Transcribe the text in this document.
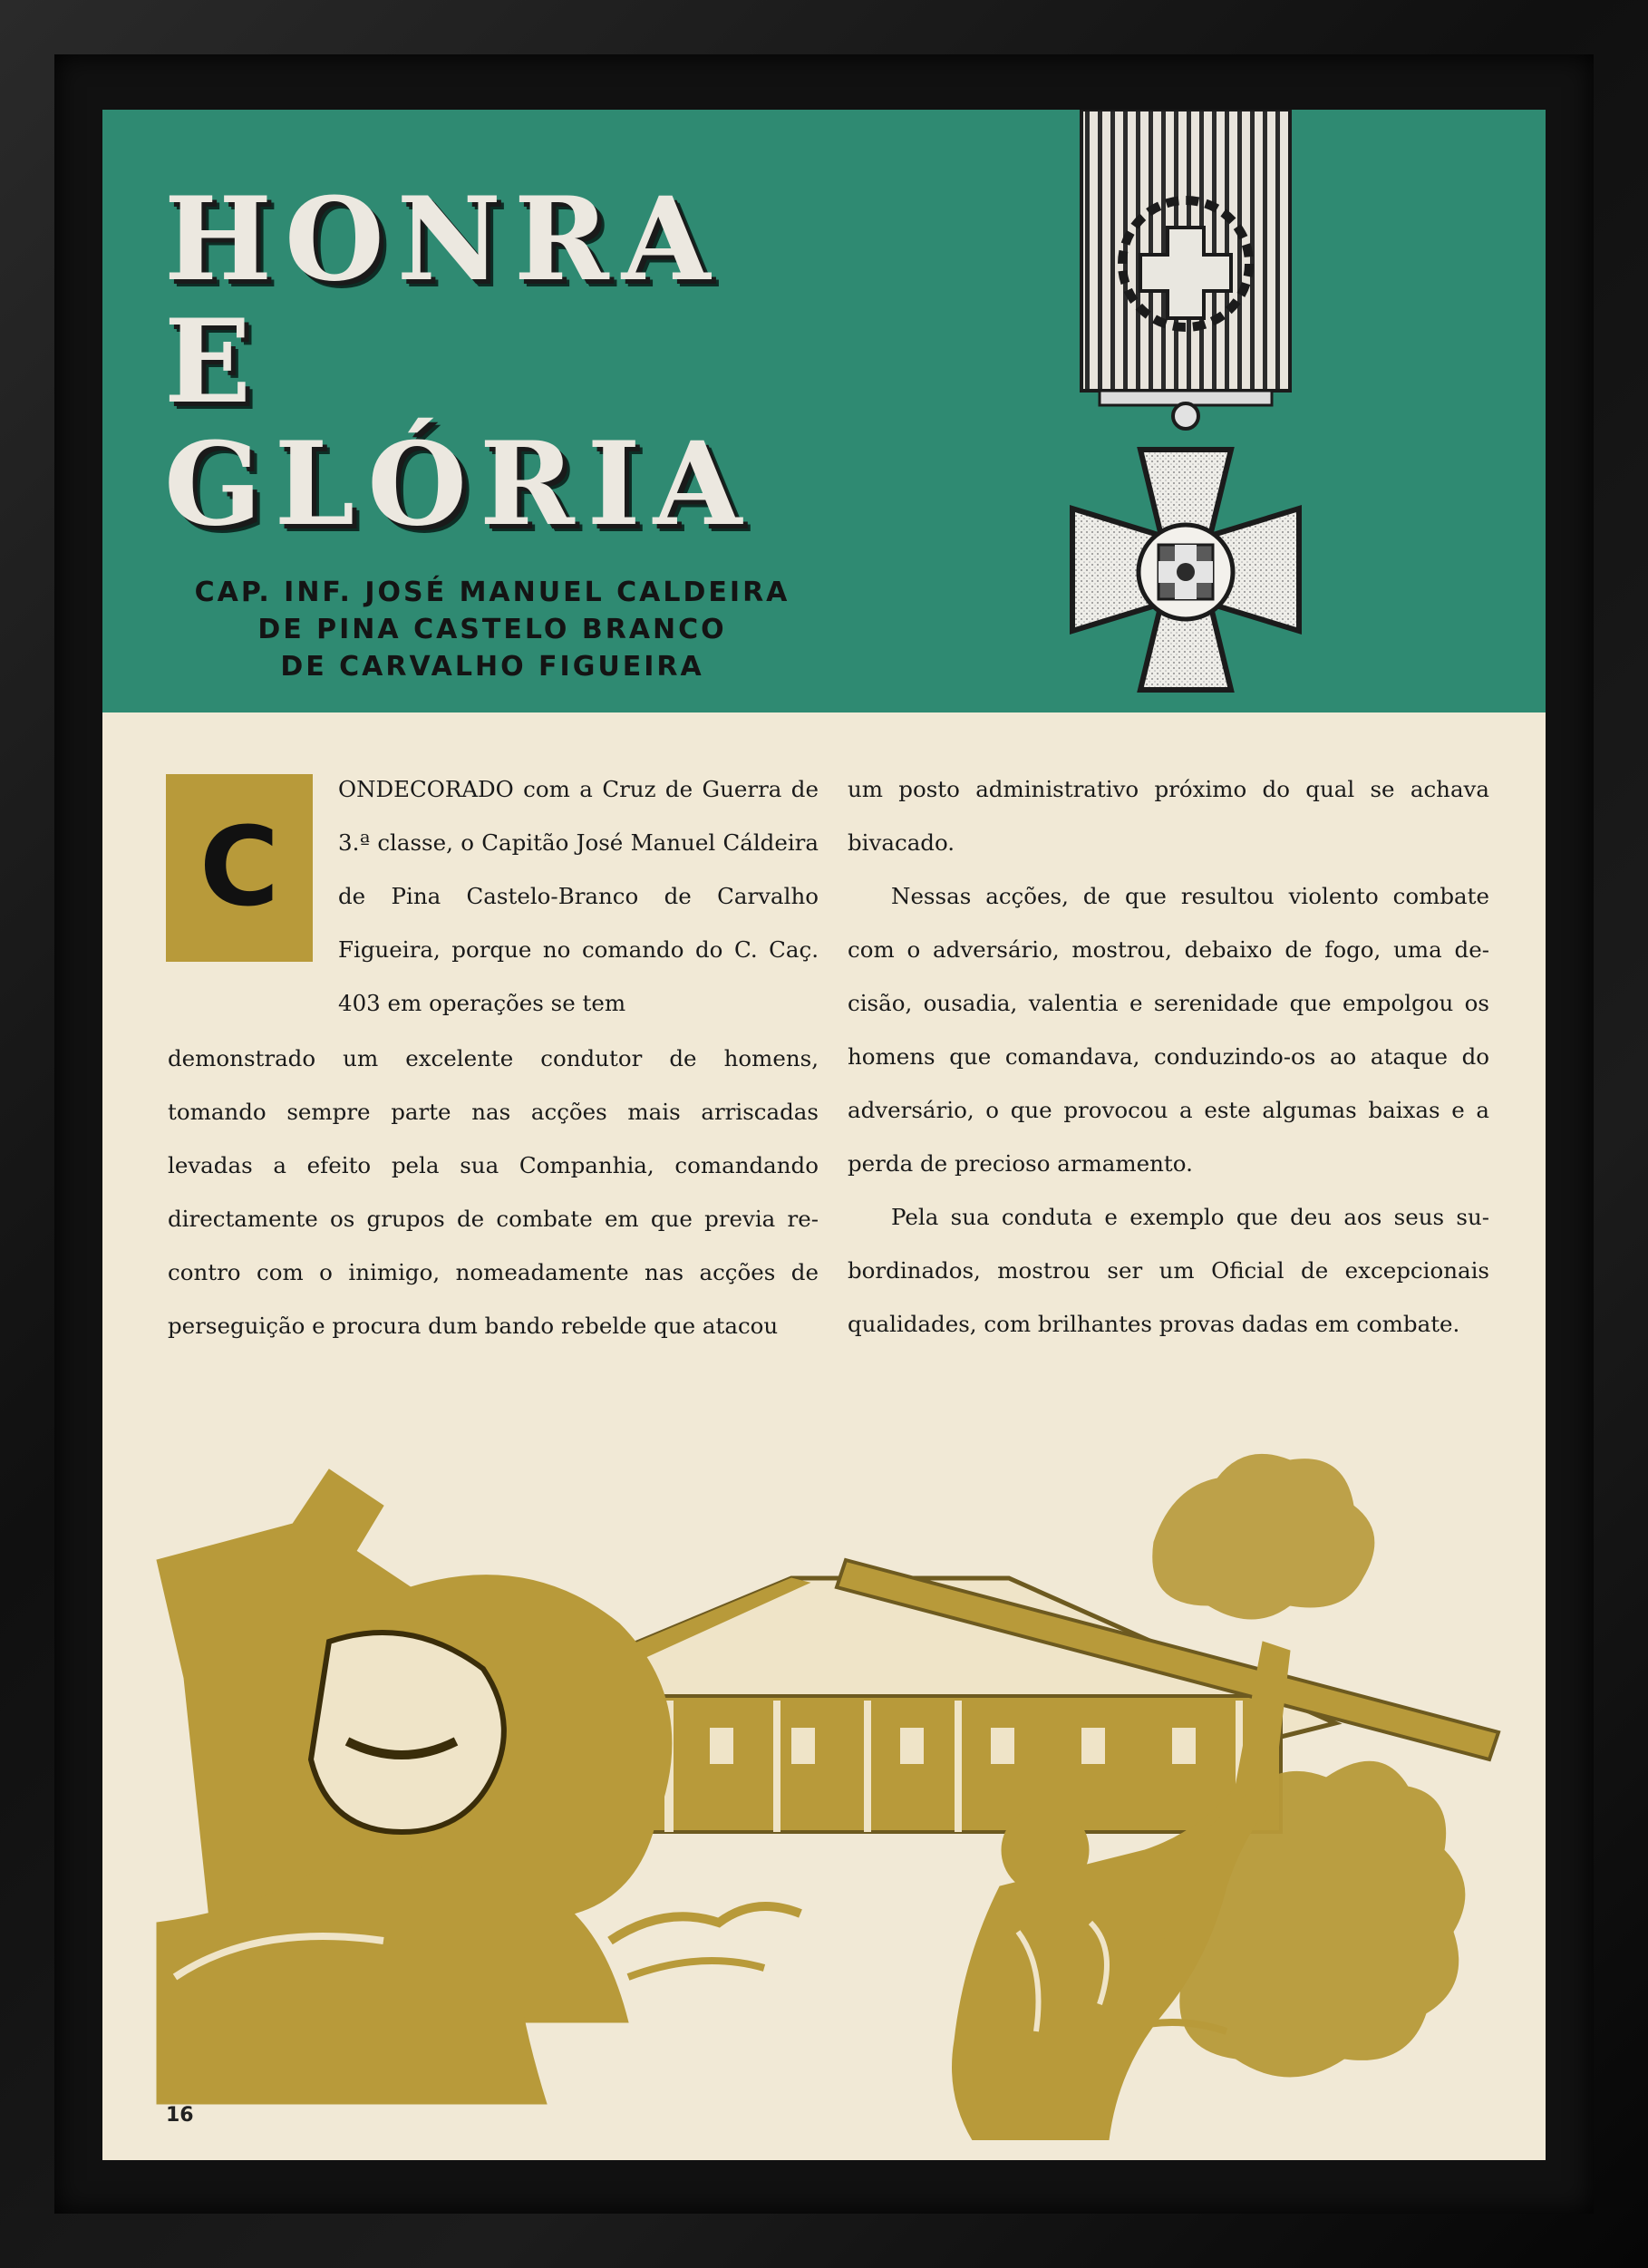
HONRA
E
GLÓRIA
CAP. INF. JOSÉ MANUEL CALDEIRA
DE PINA CASTELO BRANCO
DE CARVALHO FIGUEIRA
C

ONDECORADO com a Cruz de Guerra de 3.ª classe, o Capitão José Manuel Cáldeira de Pina Castelo-Branco de Carvalho Figueira, porque no comando do C. Caç. 403 em operações se tem

demonstrado um excelente condutor de homens, tomando sempre parte nas acções mais arriscadas levadas a efeito pela sua Companhia, comandando directamente os grupos de combate em que previa re-contro com o inimigo, nomeadamente nas acções de perseguição e procura dum bando rebelde que atacou

um posto administrativo próximo do qual se achava bivacado.

Nessas acções, de que resultou violento combate com o adversário, mostrou, debaixo de fogo, uma de-cisão, ousadia, valentia e serenidade que empolgou os homens que comandava, conduzindo-os ao ataque do adversário, o que provocou a este algumas baixas e a perda de precioso armamento.

Pela sua conduta e exemplo que deu aos seus su-bordinados, mostrou ser um Oficial de excepcionais qualidades, com brilhantes provas dadas em combate.

16
